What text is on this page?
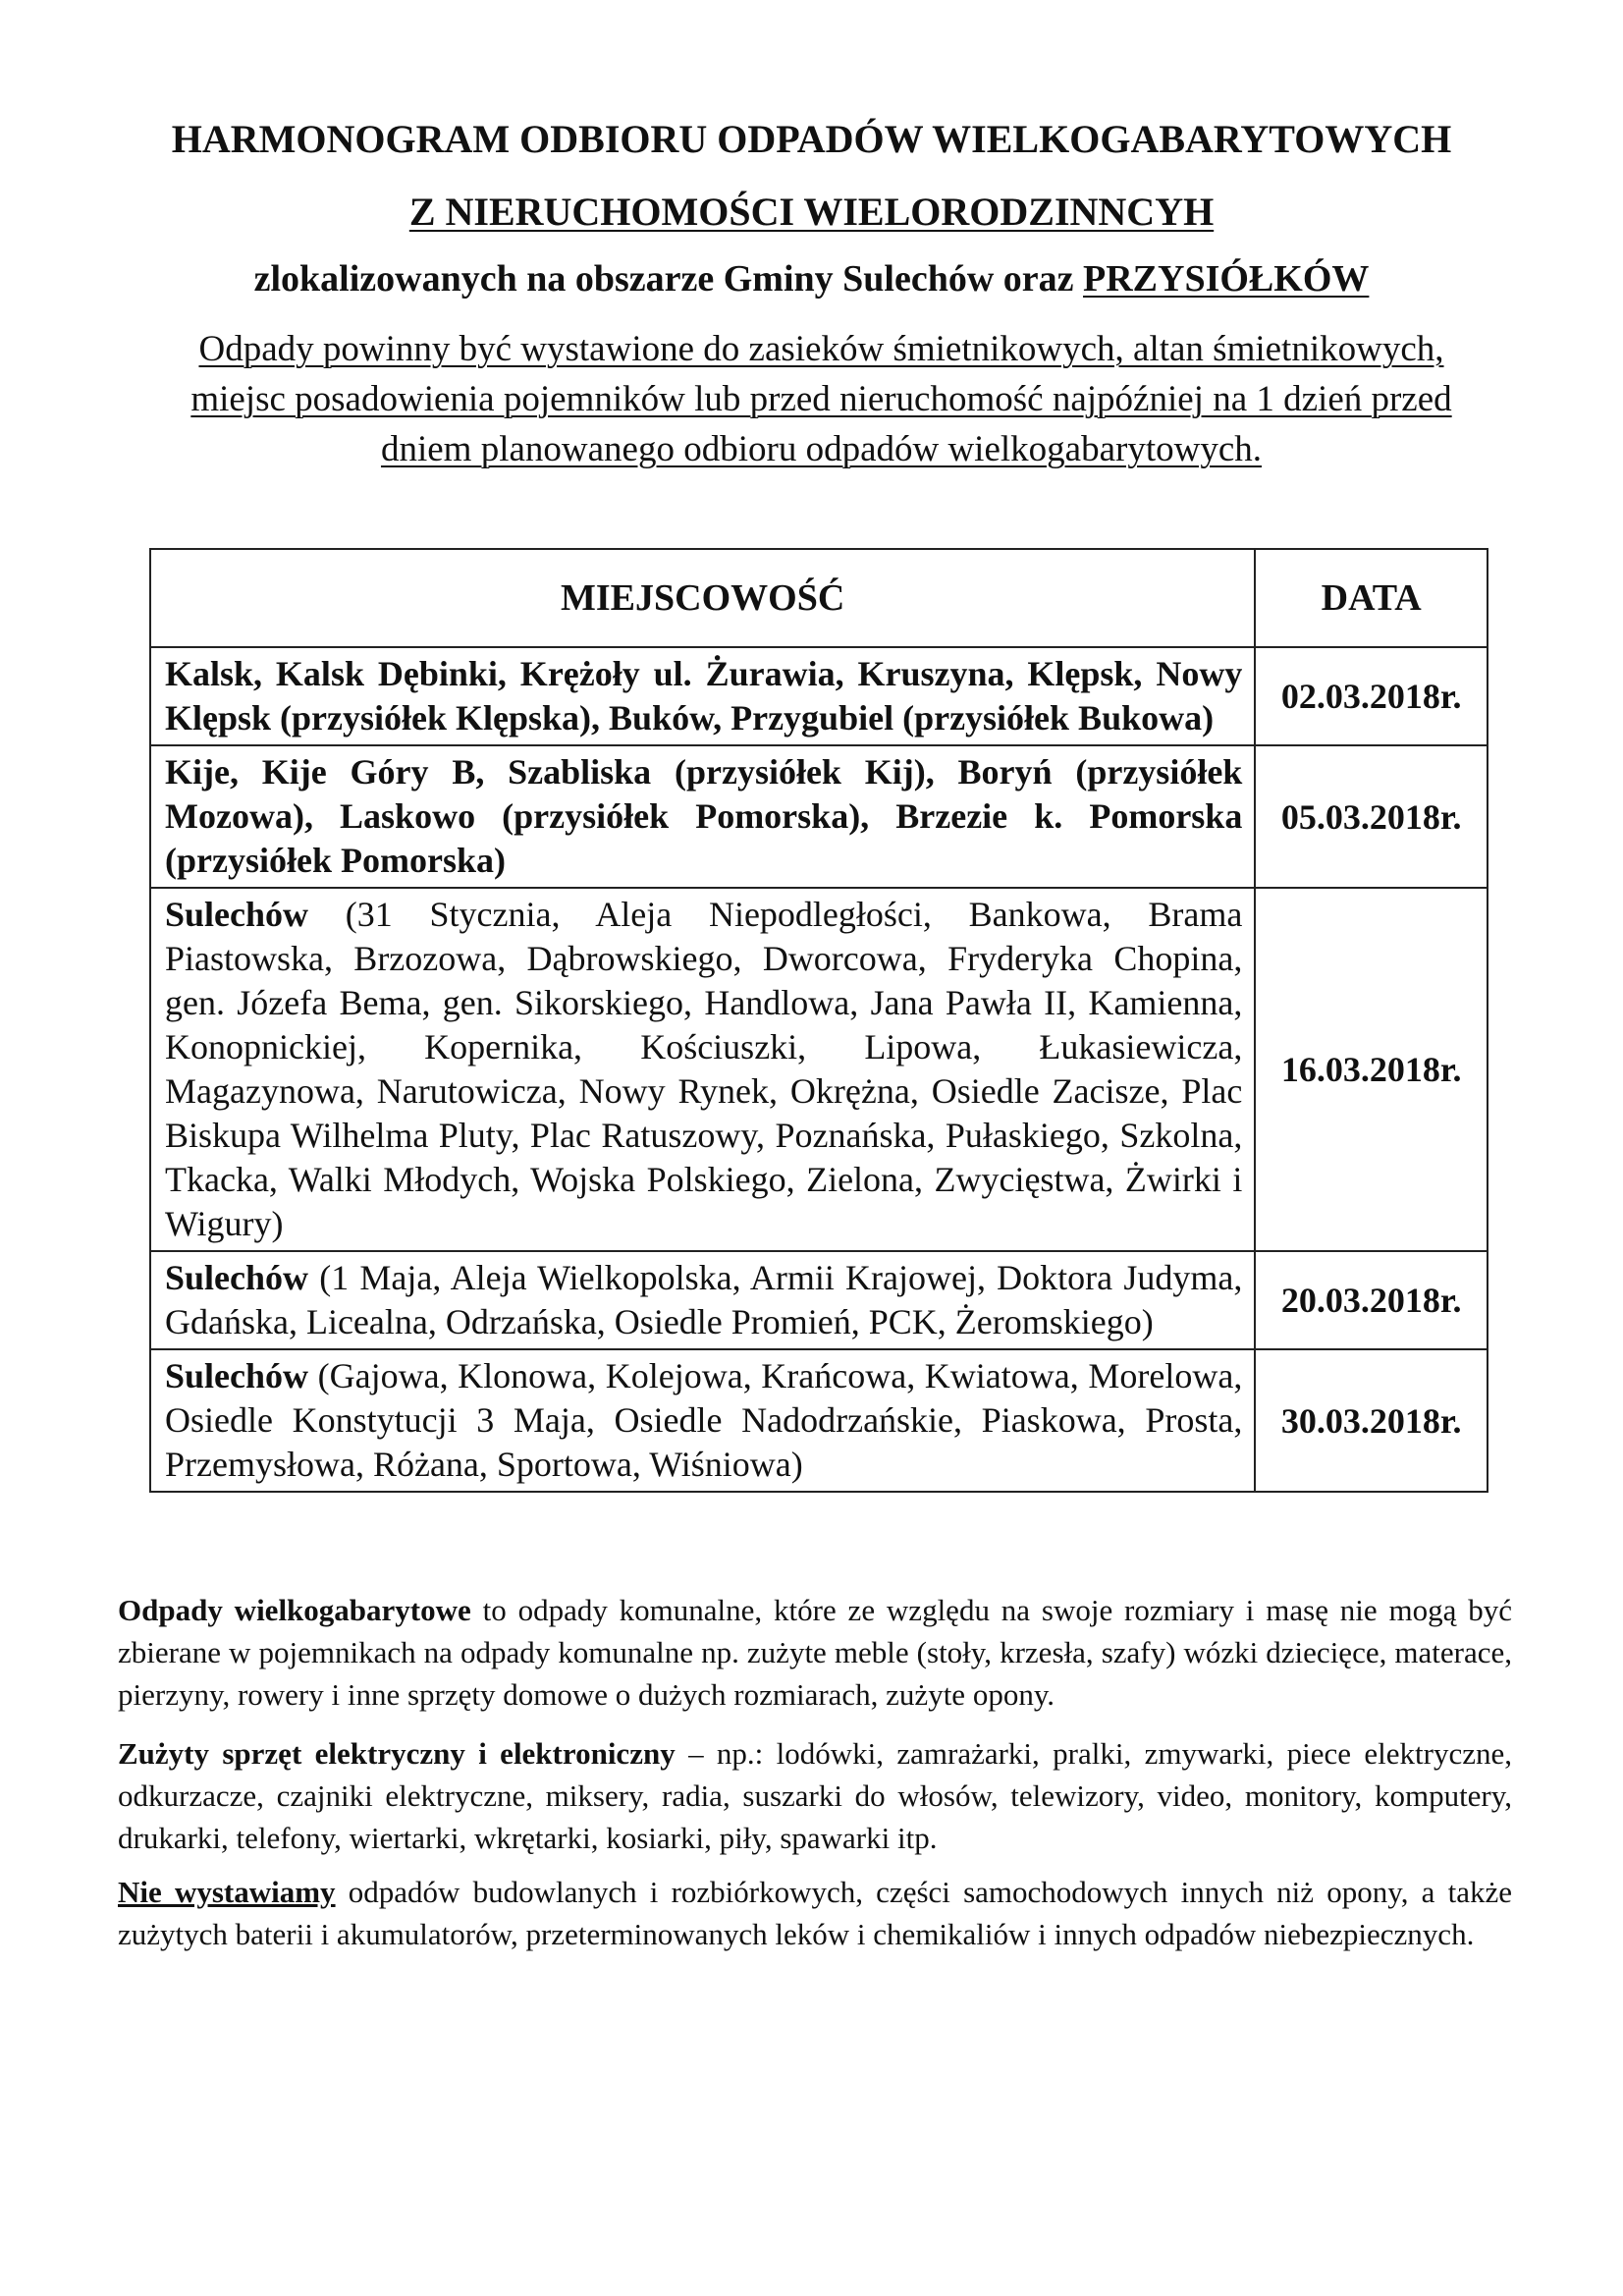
HARMONOGRAM ODBIORU ODPADÓW WIELKOGABARYTOWYCH
Z NIERUCHOMOŚCI WIELORODZINNCYH
zlokalizowanych na obszarze Gminy Sulechów oraz PRZYSIÓŁKÓW
Odpady powinny być wystawione do zasieków śmietnikowych, altan śmietnikowych, miejsc posadowienia pojemników lub przed nieruchomość najpóźniej na 1 dzień przed dniem planowanego odbioru odpadów wielkogabarytowych.
MIEJSCOWOŚĆ	DATA
Kalsk, Kalsk Dębinki, Krężoły ul. Żurawia, Kruszyna, Klępsk, Nowy Klępsk (przysiółek Klępska), Buków, Przygubiel (przysiółek Bukowa)	02.03.2018r.
Kije, Kije Góry B, Szabliska (przysiółek Kij), Boryń (przysiółek Mozowa), Laskowo (przysiółek Pomorska), Brzezie k. Pomorska (przysiółek Pomorska)	05.03.2018r.
Sulechów (31 Stycznia, Aleja Niepodległości, Bankowa, Brama Piastowska, Brzozowa, Dąbrowskiego, Dworcowa, Fryderyka Chopina, gen. Józefa Bema, gen. Sikorskiego, Handlowa, Jana Pawła II, Kamienna, Konopnickiej, Kopernika, Kościuszki, Lipowa, Łukasiewicza, Magazynowa, Narutowicza, Nowy Rynek, Okrężna, Osiedle Zacisze, Plac Biskupa Wilhelma Pluty, Plac Ratuszowy, Poznańska, Pułaskiego, Szkolna, Tkacka, Walki Młodych, Wojska Polskiego, Zielona, Zwycięstwa, Żwirki i Wigury)	16.03.2018r.
Sulechów (1 Maja, Aleja Wielkopolska, Armii Krajowej, Doktora Judyma, Gdańska, Licealna, Odrzańska, Osiedle Promień, PCK, Żeromskiego)	20.03.2018r.
Sulechów (Gajowa, Klonowa, Kolejowa, Krańcowa, Kwiatowa, Morelowa, Osiedle Konstytucji 3 Maja, Osiedle Nadodrzańskie, Piaskowa, Prosta, Przemysłowa, Różana, Sportowa, Wiśniowa)	30.03.2018r.
Odpady wielkogabarytowe to odpady komunalne, które ze względu na swoje rozmiary i masę nie mogą być zbierane w pojemnikach na odpady komunalne np. zużyte meble (stoły, krzesła, szafy) wózki dziecięce, materace, pierzyny, rowery i inne sprzęty domowe o dużych rozmiarach, zużyte opony.
Zużyty sprzęt elektryczny i elektroniczny – np.: lodówki, zamrażarki, pralki, zmywarki, piece elektryczne, odkurzacze, czajniki elektryczne, miksery, radia, suszarki do włosów, telewizory, video, monitory, komputery, drukarki, telefony, wiertarki, wkrętarki, kosiarki, piły, spawarki itp.
Nie wystawiamy odpadów budowlanych i rozbiórkowych, części samochodowych innych niż opony, a także zużytych baterii i akumulatorów, przeterminowanych leków i chemikaliów i innych odpadów niebezpiecznych.
